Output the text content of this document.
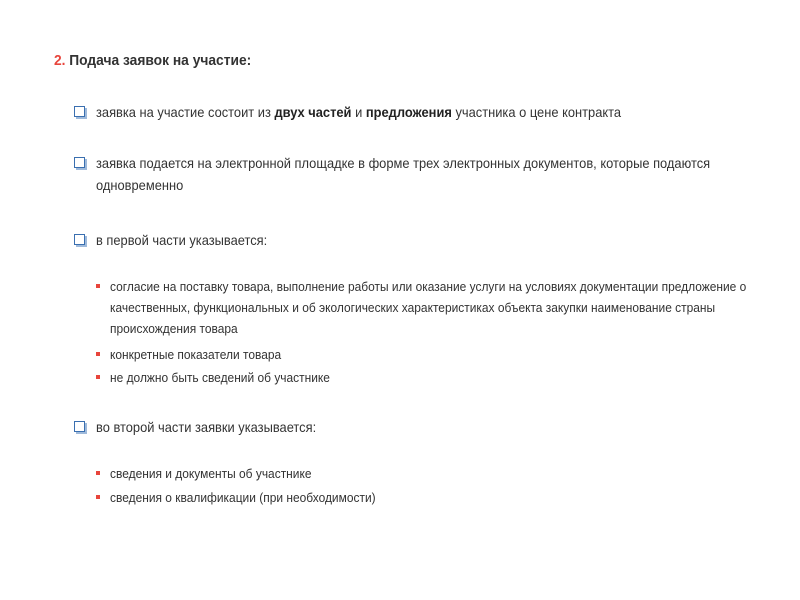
2. Подача заявок на участие:
заявка на участие состоит из двух частей и предложения участника о цене контракта
заявка подается на электронной площадке в форме трех электронных документов, которые подаются одновременно
в первой части указывается:
согласие на поставку товара, выполнение работы или оказание услуги на условиях документации предложение о качественных, функциональных и об экологических характеристиках объекта закупки наименование страны происхождения товара
конкретные показатели товара
не должно быть сведений об участнике
во второй части заявки указывается:
сведения и документы об участнике
сведения о квалификации (при необходимости)
